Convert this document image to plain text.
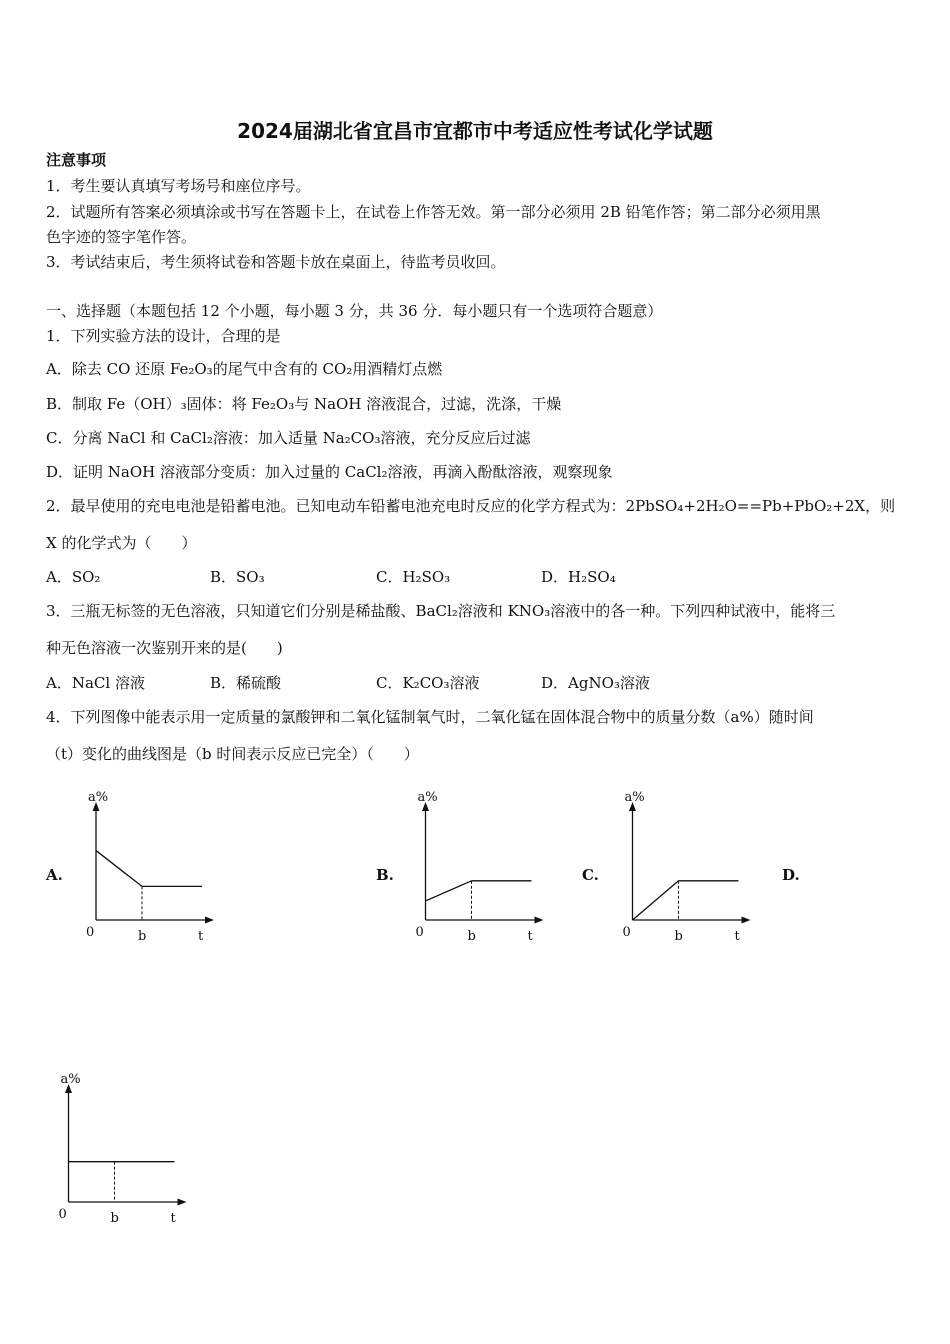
2024届湖北省宜昌市宜都市中考适应性考试化学试题
注意事项
1．考生要认真填写考场号和座位序号。
2．试题所有答案必须填涂或书写在答题卡上，在试卷上作答无效。第一部分必须用 2B 铅笔作答；第二部分必须用黑
色字迹的签字笔作答。
3．考试结束后，考生须将试卷和答题卡放在桌面上，待监考员收回。
一、选择题（本题包括 12 个小题，每小题 3 分，共 36 分．每小题只有一个选项符合题意）
1．下列实验方法的设计，合理的是
A．除去 CO 还原 Fe₂O₃的尾气中含有的 CO₂用酒精灯点燃
B．制取 Fe（OH）₃固体：将 Fe₂O₃与 NaOH 溶液混合，过滤，洗涤，干燥
C．分离 NaCl 和 CaCl₂溶液：加入适量 Na₂CO₃溶液，充分反应后过滤
D．证明 NaOH 溶液部分变质：加入过量的 CaCl₂溶液，再滴入酚酞溶液，观察现象
2．最早使用的充电电池是铅蓄电池。已知电动车铅蓄电池充电时反应的化学方程式为：2PbSO₄+2H₂O==Pb+PbO₂+2X，则
X 的化学式为（　　）
A．SO₂	B．SO₃	C．H₂SO₃	D．H₂SO₄
3．三瓶无标签的无色溶液，只知道它们分别是稀盐酸、BaCl₂溶液和 KNO₃溶液中的各一种。下列四种试液中，能将三
种无色溶液一次鉴别开来的是(　　)
A．NaCl 溶液	B．稀硫酸	C．K₂CO₃溶液	D．AgNO₃溶液
4．下列图像中能表示用一定质量的氯酸钾和二氧化锰制氧气时，二氧化锰在固体混合物中的质量分数（a%）随时间
（t）变化的曲线图是（b 时间表示反应已完全）（　　）
A.	B.	C.	D.
a%
0	b	t
a%
0	b	t
a%
0	b	t
a%
0	b	t
